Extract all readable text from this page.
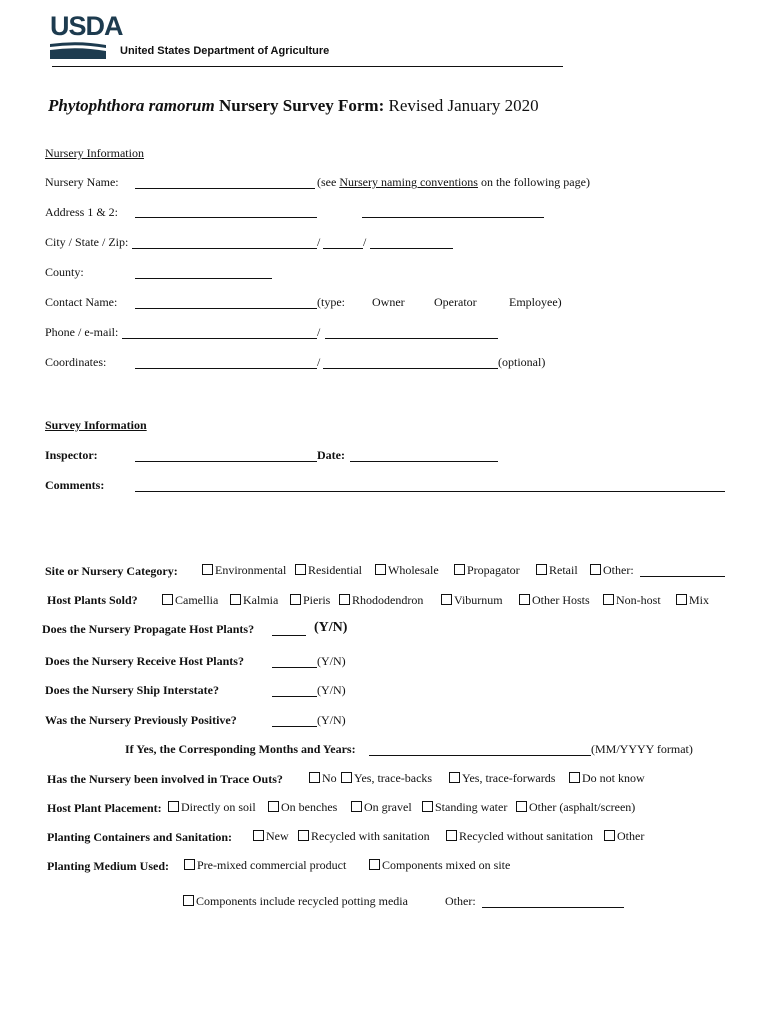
USDA
United States Department of Agriculture
Phytophthora ramorum Nursery Survey Form: Revised January 2020
Nursery Information
Nursery Name:	(see Nursery naming conventions on the following page)
Address 1 & 2:
City / State / Zip:	/	/
County:
Contact Name:	(type: Owner Operator	Employee)
Phone / e-mail:	/
Coordinates:	/	(optional)
Survey Information
Inspector:	Date:
Comments:
Site or Nursery Category:	Environmental	Residential	Wholesale	Propagator	Retail	Other:
Host Plants Sold?	Camellia	Kalmia	Pieris	Rhododendron	Viburnum	Other Hosts	Non-host	Mix
Does the Nursery Propagate Host Plants?	(Y/N)
Does the Nursery Receive Host Plants?	(Y/N)
Does the Nursery Ship Interstate?	(Y/N)
Was the Nursery Previously Positive?	(Y/N)
If Yes, the Corresponding Months and Years:	(MM/YYYY format)
Has the Nursery been involved in Trace Outs?	No	Yes, trace-backs	Yes, trace-forwards	Do not know
Host Plant Placement:	Directly on soil	On benches	On gravel	Standing water	Other (asphalt/screen)
Planting Containers and Sanitation:	New	Recycled with sanitation	Recycled without sanitation	Other
Planting Medium Used:	Pre-mixed commercial product	Components mixed on site
Components include recycled potting media	Other:
